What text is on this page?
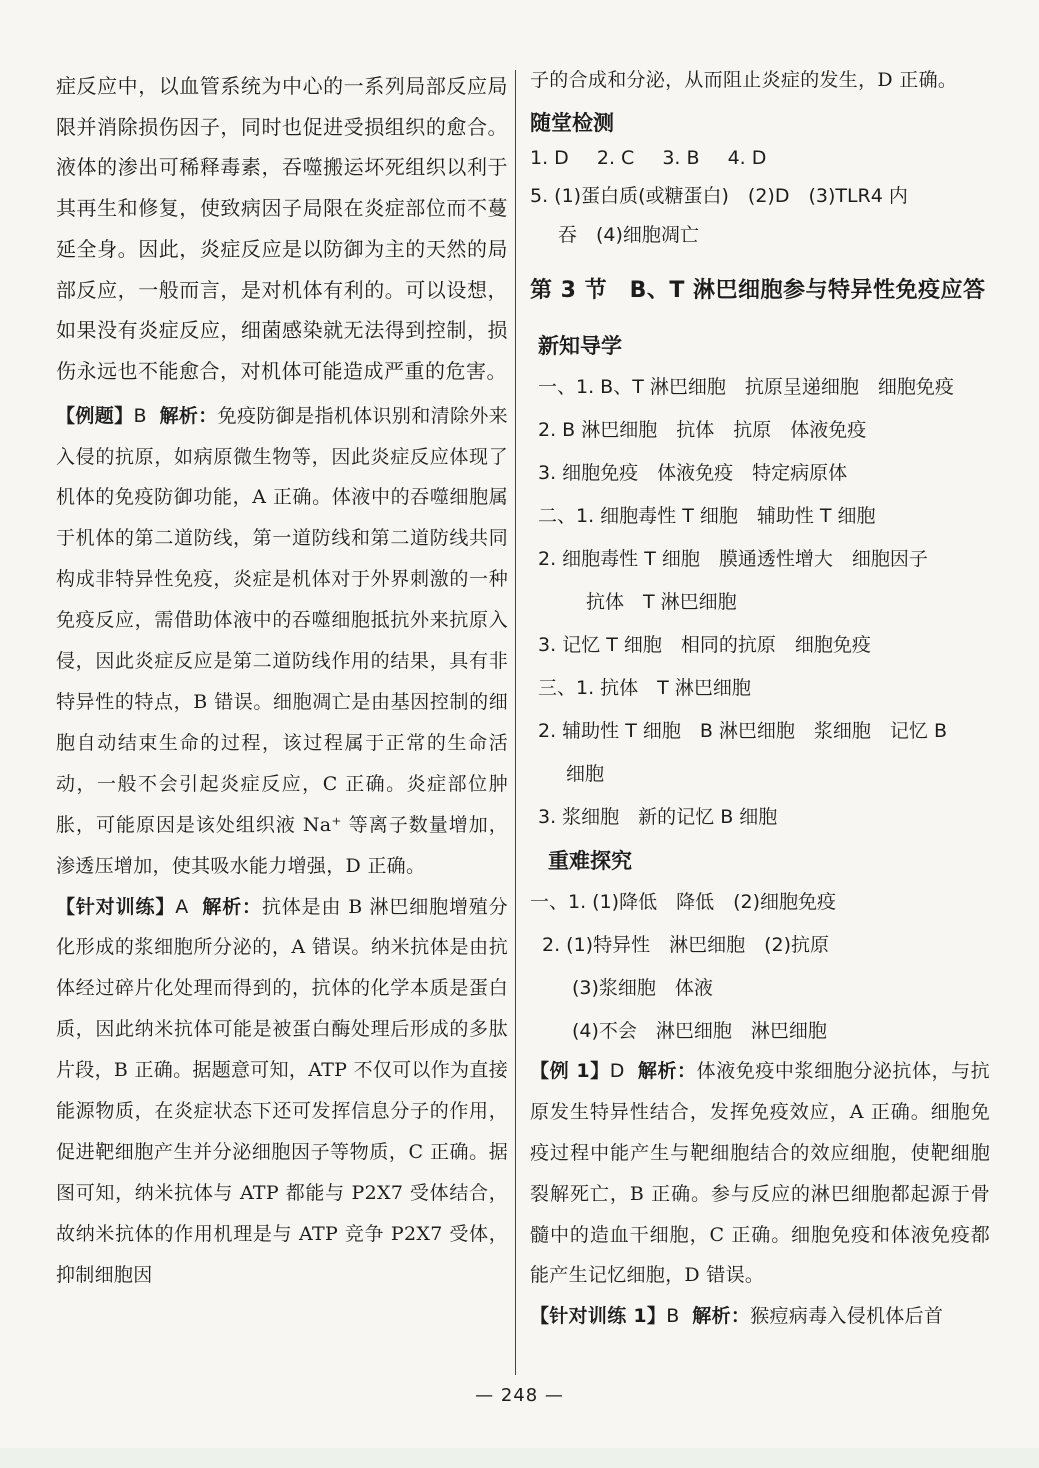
症反应中，以血管系统为中心的一系列局部反应局限并消除损伤因子，同时也促进受损组织的愈合。液体的渗出可稀释毒素，吞噬搬运坏死组织以利于其再生和修复，使致病因子局限在炎症部位而不蔓延全身。因此，炎症反应是以防御为主的天然的局部反应，一般而言，是对机体有利的。可以设想，如果没有炎症反应，细菌感染就无法得到控制，损伤永远也不能愈合，对机体可能造成严重的危害。

【例题】B 解析：免疫防御是指机体识别和清除外来入侵的抗原，如病原微生物等，因此炎症反应体现了机体的免疫防御功能，A 正确。体液中的吞噬细胞属于机体的第二道防线，第一道防线和第二道防线共同构成非特异性免疫，炎症是机体对于外界刺激的一种免疫反应，需借助体液中的吞噬细胞抵抗外来抗原入侵，因此炎症反应是第二道防线作用的结果，具有非特异性的特点，B 错误。细胞凋亡是由基因控制的细胞自动结束生命的过程，该过程属于正常的生命活动，一般不会引起炎症反应，C 正确。炎症部位肿胀，可能原因是该处组织液 Na⁺ 等离子数量增加，渗透压增加，使其吸水能力增强，D 正确。

【针对训练】A 解析：抗体是由 B 淋巴细胞增殖分化形成的浆细胞所分泌的，A 错误。纳米抗体是由抗体经过碎片化处理而得到的，抗体的化学本质是蛋白质，因此纳米抗体可能是被蛋白酶处理后形成的多肽片段，B 正确。据题意可知，ATP 不仅可以作为直接能源物质，在炎症状态下还可发挥信息分子的作用，促进靶细胞产生并分泌细胞因子等物质，C 正确。据图可知，纳米抗体与 ATP 都能与 P2X7 受体结合，故纳米抗体的作用机理是与 ATP 竞争 P2X7 受体，抑制细胞因

子的合成和分泌，从而阻止炎症的发生，D 正确。

随堂检测

1. D 2. C 3. B 4. D

5. (1)蛋白质(或糖蛋白)　(2)D　(3)TLR4 内

吞　(4)细胞凋亡

第 3 节　B、T 淋巴细胞参与特异性免疫应答

新知导学

一、1. B、T 淋巴细胞　抗原呈递细胞　细胞免疫

2. B 淋巴细胞　抗体　抗原　体液免疫

3. 细胞免疫　体液免疫　特定病原体

二、1. 细胞毒性 T 细胞　辅助性 T 细胞

2. 细胞毒性 T 细胞　膜通透性增大　细胞因子

抗体　T 淋巴细胞

3. 记忆 T 细胞　相同的抗原　细胞免疫

三、1. 抗体　T 淋巴细胞

2. 辅助性 T 细胞　B 淋巴细胞　浆细胞　记忆 B

细胞

3. 浆细胞　新的记忆 B 细胞

重难探究

一、1. (1)降低　降低　(2)细胞免疫

2. (1)特异性　淋巴细胞　(2)抗原

(3)浆细胞　体液

(4)不会　淋巴细胞　淋巴细胞

【例 1】D 解析：体液免疫中浆细胞分泌抗体，与抗原发生特异性结合，发挥免疫效应，A 正确。细胞免疫过程中能产生与靶细胞结合的效应细胞，使靶细胞裂解死亡，B 正确。参与反应的淋巴细胞都起源于骨髓中的造血干细胞，C 正确。细胞免疫和体液免疫都能产生记忆细胞，D 错误。

【针对训练 1】B 解析：猴痘病毒入侵机体后首

— 248 —
